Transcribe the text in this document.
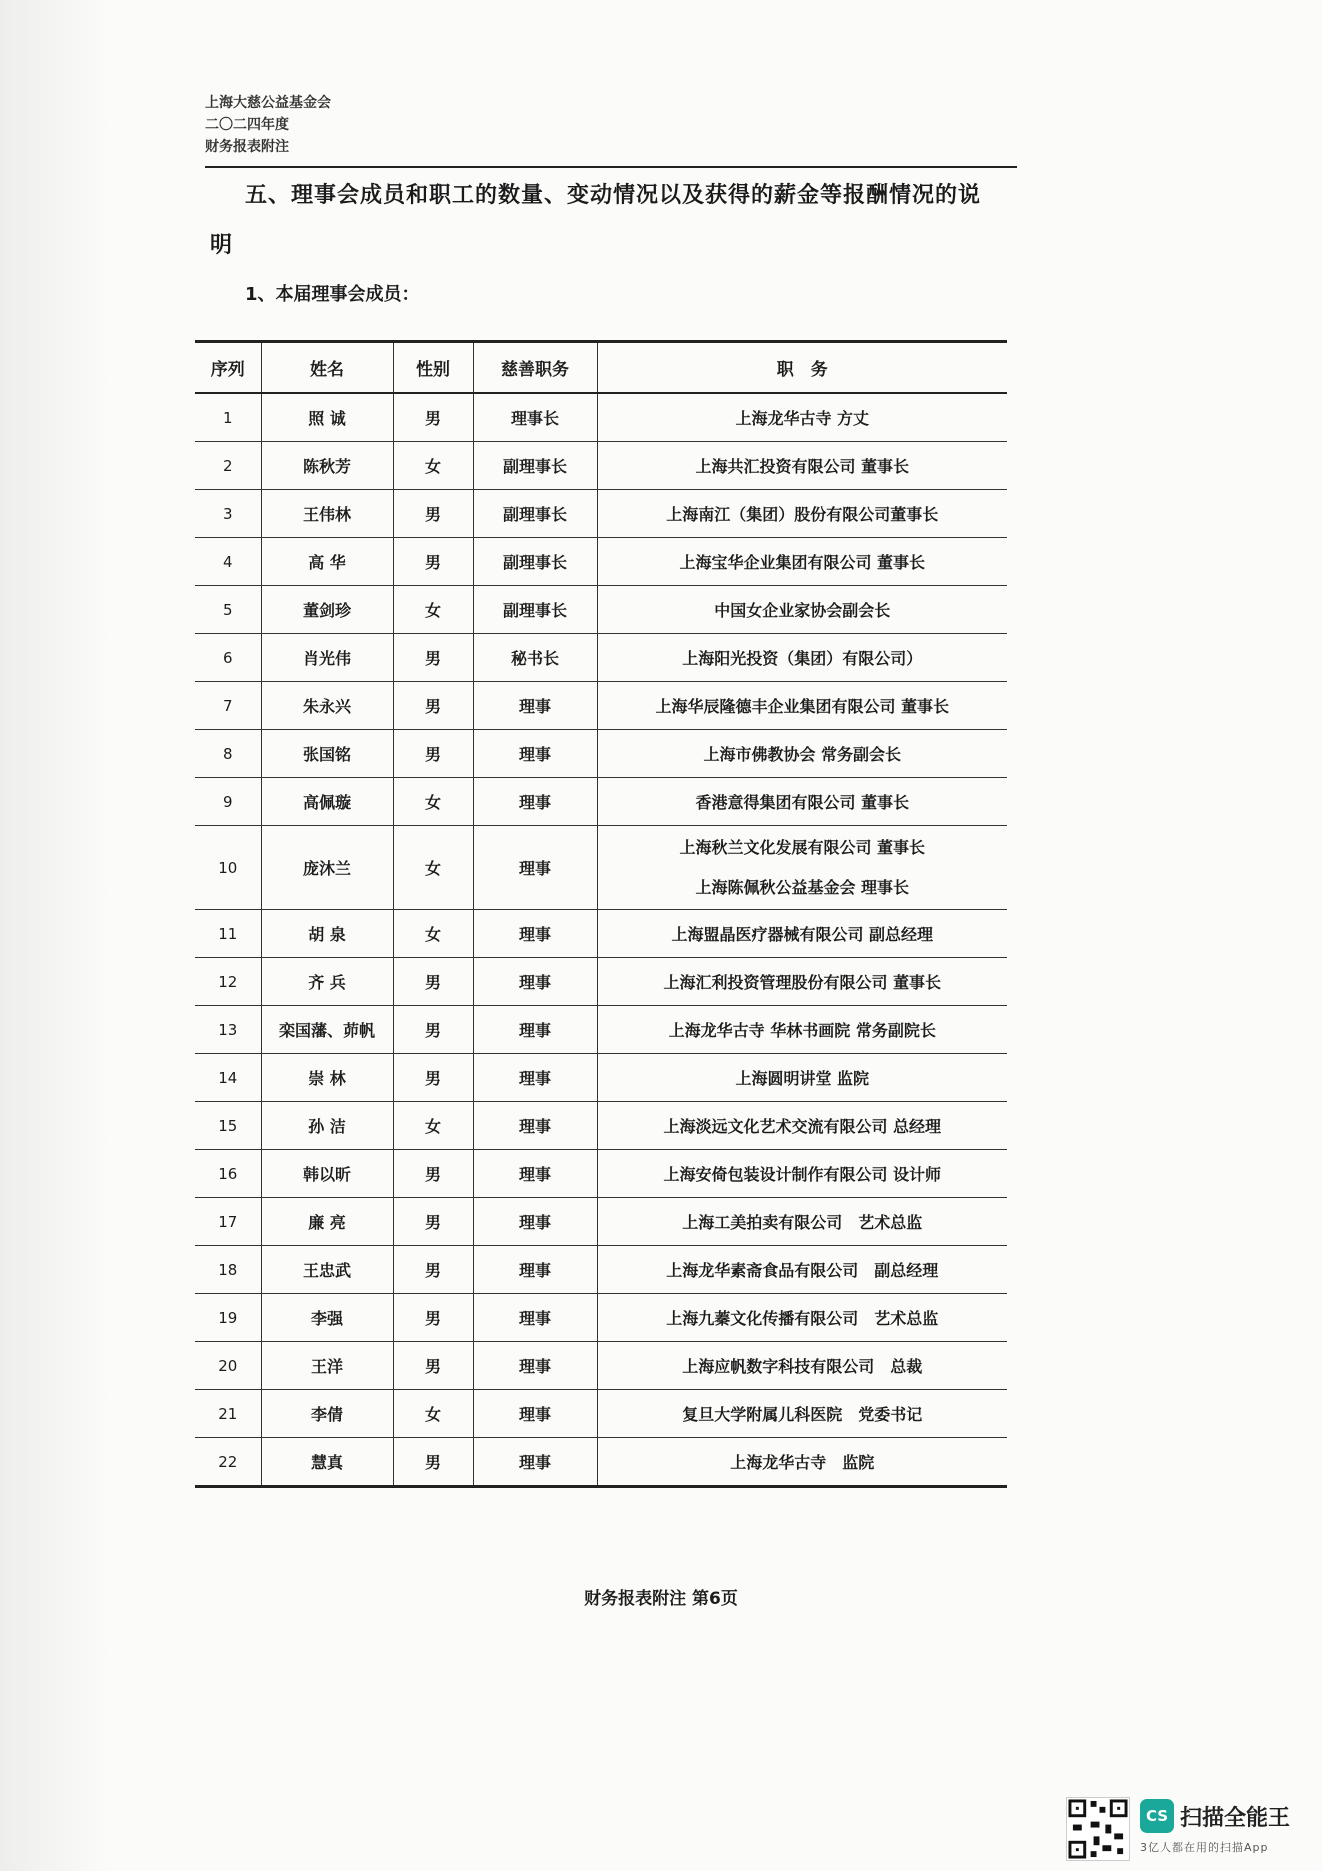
上海大慈公益基金会
二〇二四年度
财务报表附注
五、理事会成员和职工的数量、变动情况以及获得的薪金等报酬情况的说
明
1、本届理事会成员：
序列	姓名	性别	慈善职务	职　务
1	照 诚	男	理事长	上海龙华古寺 方丈
2	陈秋芳	女	副理事长	上海共汇投资有限公司 董事长
3	王伟林	男	副理事长	上海南江（集团）股份有限公司董事长
4	高 华	男	副理事长	上海宝华企业集团有限公司 董事长
5	董剑珍	女	副理事长	中国女企业家协会副会长
6	肖光伟	男	秘书长	上海阳光投资（集团）有限公司）
7	朱永兴	男	理事	上海华辰隆德丰企业集团有限公司 董事长
8	张国铭	男	理事	上海市佛教协会 常务副会长
9	高佩璇	女	理事	香港意得集团有限公司 董事长
10	庞沐兰	女	理事	上海秋兰文化发展有限公司 董事长
上海陈佩秋公益基金会 理事长

11	胡 泉	女	理事	上海盟晶医疗器械有限公司 副总经理
12	齐 兵	男	理事	上海汇利投资管理股份有限公司 董事长
13	栾国藩、茆帆	男	理事	上海龙华古寺 华林书画院 常务副院长
14	崇 林	男	理事	上海圆明讲堂 监院
15	孙 洁	女	理事	上海淡远文化艺术交流有限公司 总经理
16	韩以昕	男	理事	上海安倚包装设计制作有限公司 设计师
17	廉 亮	男	理事	上海工美拍卖有限公司　艺术总监
18	王忠武	男	理事	上海龙华素斋食品有限公司　副总经理
19	李强	男	理事	上海九蓁文化传播有限公司　艺术总监
20	王洋	男	理事	上海应帆数字科技有限公司　总裁
21	李倩	女	理事	复旦大学附属儿科医院　党委书记
22	慧真	男	理事	上海龙华古寺　监院
财务报表附注 第6页
CS 扫描全能王
3亿人都在用的扫描App
